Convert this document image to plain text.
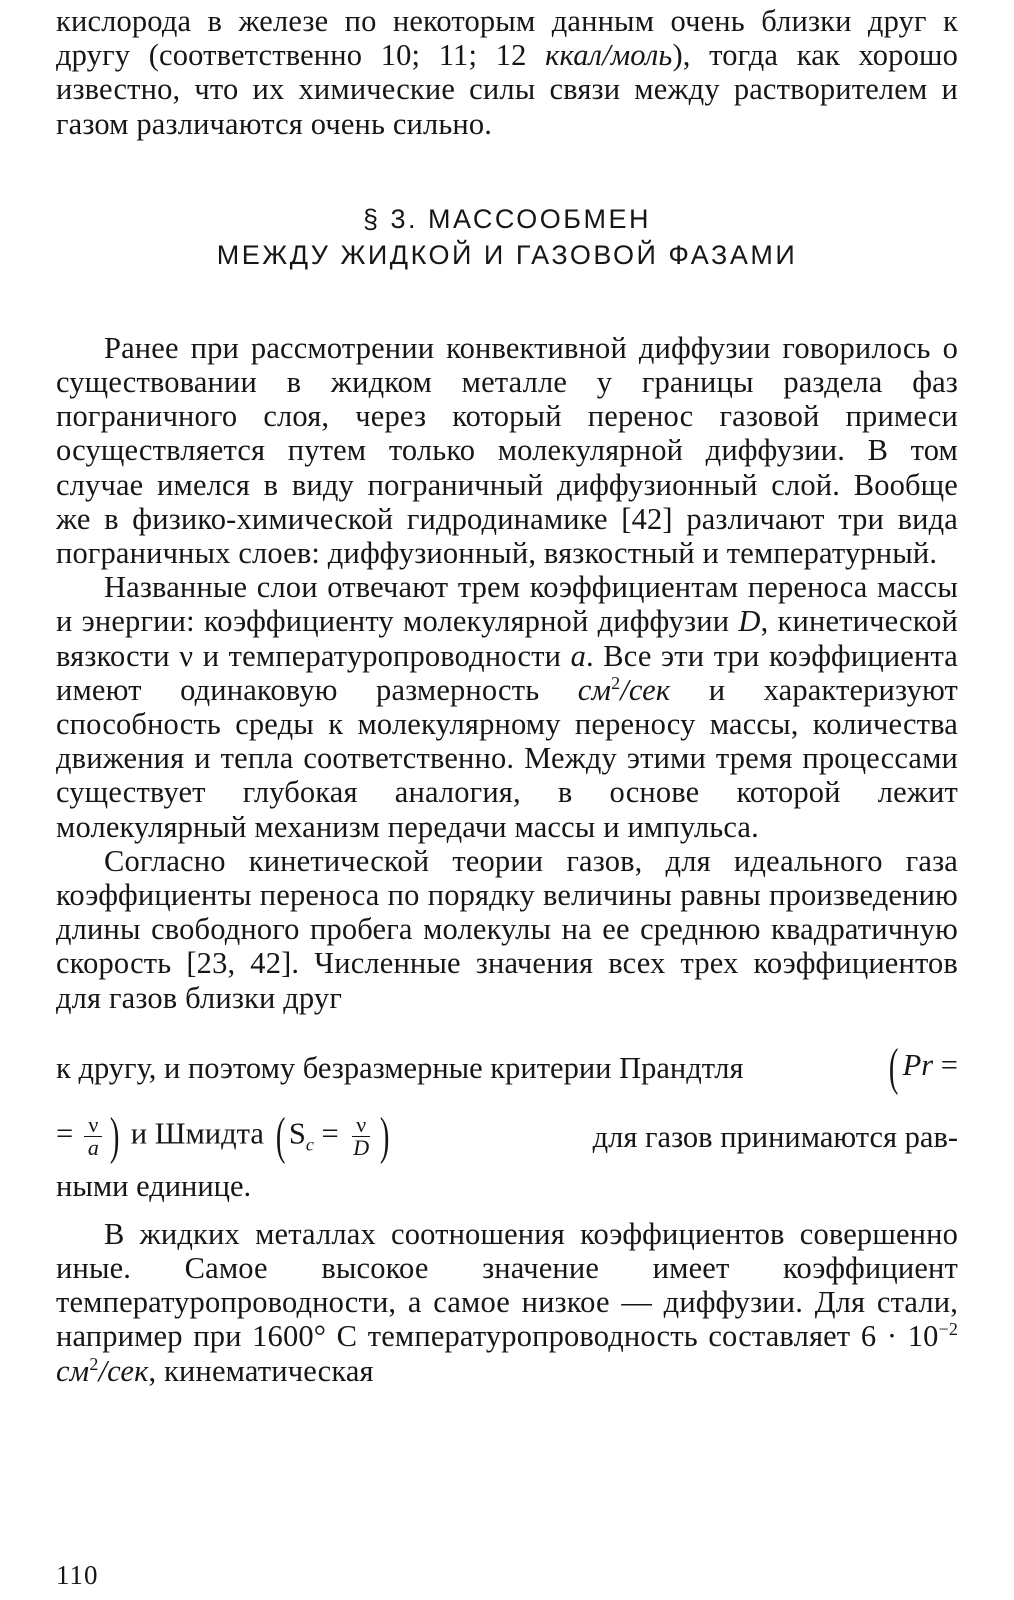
кислорода в железе по некоторым данным очень близки друг к другу (соответственно 10; 11; 12 ккал/моль), тогда как хорошо известно, что их химические силы связи между растворителем и газом различаются очень сильно.

§ 3. МАССООБМЕН
МЕЖДУ ЖИДКОЙ И ГАЗОВОЙ ФАЗАМИ

Ранее при рассмотрении конвективной диффузии говорилось о существовании в жидком металле у границы раздела фаз пограничного слоя, через который перенос газовой примеси осуществляется путем только молекулярной диффузии. В том случае имелся в виду пограничный диффузионный слой. Вообще же в физико-химической гидродинамике [42] различают три вида пограничных слоев: диффузионный, вязкостный и температурный.

Названные слои отвечают трем коэффициентам переноса массы и энергии: коэффициенту молекулярной диффузии D, кинетической вязкости ν и температуропроводности a. Все эти три коэффициента имеют одинаковую размерность $см^2$/сек и характеризуют способность среды к молекулярному переносу массы, количества движения и тепла соответственно. Между этими тремя процессами существует глубокая аналогия, в основе которой лежит молекулярный механизм передачи массы и импульса.

Согласно кинетической теории газов, для идеального газа коэффициенты переноса по порядку величины равны произведению длины свободного пробега молекулы на ее среднюю квадратичную скорость [23, 42]. Численные значения всех трех коэффициентов для газов близки друг

к другу, и поэтому безразмерные критерии Прандтля	( Pr =
= $\frac{\nu}{a}$ ) и Шмидта ( $S_c = \frac{\nu}{D}$ )	для газов принимаются рав-

ными единице.

В жидких металлах соотношения коэффициентов совершенно иные. Самое высокое значение имеет коэффициент температуропроводности, а самое низкое — диффузии. Для стали, например при 1600° С температуропроводность составляет $6 \cdot 10^{-2}$ $см^2$/сек, кинематическая

110
